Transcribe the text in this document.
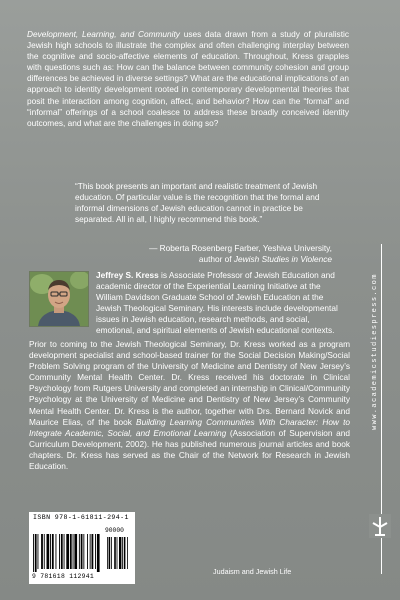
Development, Learning, and Community uses data drawn from a study of pluralistic Jewish high schools to illustrate the complex and often challenging interplay between the cognitive and socio-affective elements of education. Throughout, Kress grapples with questions such as: How can the balance between community cohesion and group differences be achieved in diverse settings? What are the educational implications of an approach to identity development rooted in contemporary developmental theories that posit the interaction among cognition, affect, and behavior? How can the “formal” and “informal” offerings of a school coalesce to address these broadly conceived identity outcomes, and what are the challenges in doing so?

“This book presents an important and realistic treatment of Jewish education. Of particular value is the recognition that the formal and informal dimensions of Jewish education cannot in practice be separated. All in all, I highly recommend this book.”

— Roberta Rosenberg Farber, Yeshiva University,
author of Jewish Studies in Violence

Jeffrey S. Kress is Associate Professor of Jewish Education and academic director of the Experiential Learning Initiative at the William Davidson Graduate School of Jewish Education at the Jewish Theological Seminary. His interests include developmental issues in Jewish education, research methods, and social, emotional, and spiritual elements of Jewish educational contexts.

Prior to coming to the Jewish Theological Seminary, Dr. Kress worked as a program development specialist and school-based trainer for the Social Decision Making/Social Problem Solving program of the University of Medicine and Dentistry of New Jersey’s Community Mental Health Center. Dr. Kress received his doctorate in Clinical Psychology from Rutgers University and completed an internship in Clinical/Community Psychology at the University of Medicine and Dentistry of New Jersey’s Community Mental Health Center. Dr. Kress is the author, together with Drs. Bernard Novick and Maurice Elias, of the book Building Learning Communities With Character: How to Integrate Academic, Social, and Emotional Learning (Association of Supervision and Curriculum Development, 2002). He has published numerous journal articles and book chapters. Dr. Kress has served as the Chair of the Network for Research in Jewish Education.

www.academicstudiespress.com
Judaism and Jewish Life
ISBN 978-1-61811-294-1
90000
9 781618 112941
